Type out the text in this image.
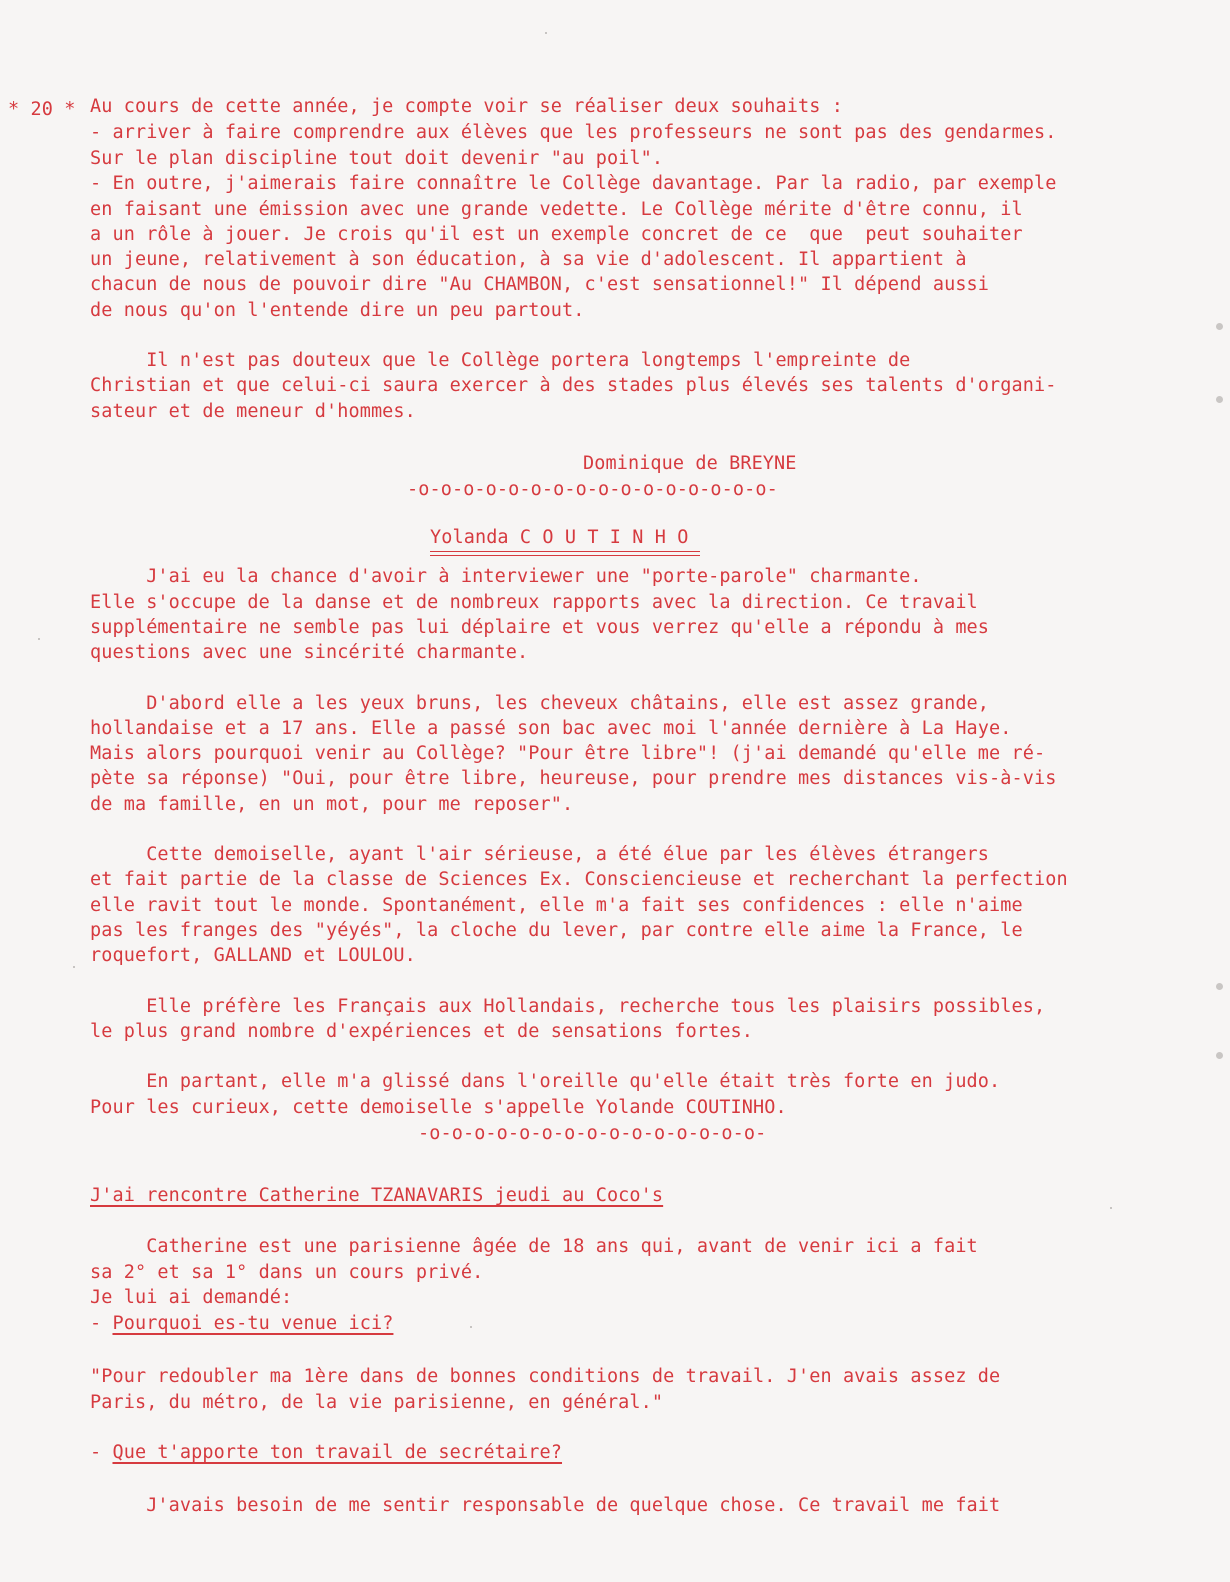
* 20 * Au cours de cette année, je compte voir se réaliser deux souhaits :
- arriver à faire comprendre aux élèves que les professeurs ne sont pas des gendarmes.
Sur le plan discipline tout doit devenir "au poil".
- En outre, j'aimerais faire connaître le Collège davantage. Par la radio, par exemple
en faisant une émission avec une grande vedette. Le Collège mérite d'être connu, il
a un rôle à jouer. Je crois qu'il est un exemple concret de ce  que  peut souhaiter
un jeune, relativement à son éducation, à sa vie d'adolescent. Il appartient à
chacun de nous de pouvoir dire "Au CHAMBON, c'est sensationnel!" Il dépend aussi
de nous qu'on l'entende dire un peu partout.
Il n'est pas douteux que le Collège portera longtemps l'empreinte de
Christian et que celui-ci saura exercer à des stades plus élevés ses talents d'organi-
sateur et de meneur d'hommes.
Dominique de BREYNE
-o-o-o-o-o-o-o-o-o-o-o-o-o-o-o-o-
Yolanda C O U T I N H O
J'ai eu la chance d'avoir à interviewer une "porte-parole" charmante.
Elle s'occupe de la danse et de nombreux rapports avec la direction. Ce travail
supplémentaire ne semble pas lui déplaire et vous verrez qu'elle a répondu à mes
questions avec une sincérité charmante.
D'abord elle a les yeux bruns, les cheveux châtains, elle est assez grande,
hollandaise et a 17 ans. Elle a passé son bac avec moi l'année dernière à La Haye.
Mais alors pourquoi venir au Collège? "Pour être libre"! (j'ai demandé qu'elle me ré-
pète sa réponse) "Oui, pour être libre, heureuse, pour prendre mes distances vis-à-vis
de ma famille, en un mot, pour me reposer".
Cette demoiselle, ayant l'air sérieuse, a été élue par les élèves étrangers
et fait partie de la classe de Sciences Ex. Consciencieuse et recherchant la perfection
elle ravit tout le monde. Spontanément, elle m'a fait ses confidences : elle n'aime
pas les franges des "yéyés", la cloche du lever, par contre elle aime la France, le
roquefort, GALLAND et LOULOU.
Elle préfère les Français aux Hollandais, recherche tous les plaisirs possibles,
le plus grand nombre d'expériences et de sensations fortes.
En partant, elle m'a glissé dans l'oreille qu'elle était très forte en judo.
Pour les curieux, cette demoiselle s'appelle Yolande COUTINHO.
-o-o-o-o-o-o-o-o-o-o-o-o-o-o-o-
J'ai rencontre Catherine TZANAVARIS jeudi au Coco's
Catherine est une parisienne âgée de 18 ans qui, avant de venir ici a fait
sa 2° et sa 1° dans un cours privé.
Je lui ai demandé:
- Pourquoi es-tu venue ici?
"Pour redoubler ma 1ère dans de bonnes conditions de travail. J'en avais assez de
Paris, du métro, de la vie parisienne, en général."
- Que t'apporte ton travail de secrétaire?
J'avais besoin de me sentir responsable de quelque chose. Ce travail me fait
